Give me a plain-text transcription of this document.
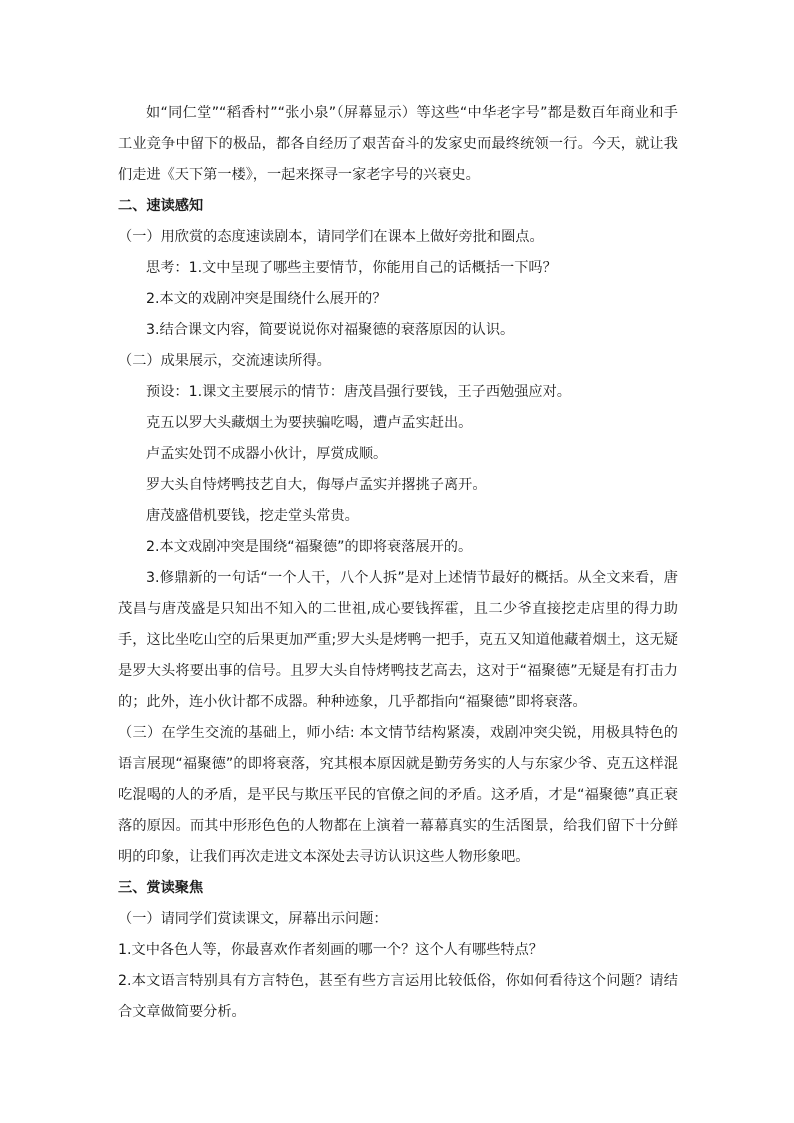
如“同仁堂”“稻香村”“张小泉”（屏幕显示）等这些“中华老字号”都是数百年商业和手工业竞争中留下的极品，都各自经历了艰苦奋斗的发家史而最终统领一行。今天，就让我们走进《天下第一楼》，一起来探寻一家老字号的兴衰史。

二、速读感知

（一）用欣赏的态度速读剧本，请同学们在课本上做好旁批和圈点。

思考：1.文中呈现了哪些主要情节，你能用自己的话概括一下吗？

2.本文的戏剧冲突是围绕什么展开的？

3.结合课文内容，简要说说你对福聚德的衰落原因的认识。

（二）成果展示，交流速读所得。

预设：1.课文主要展示的情节：唐茂昌强行要钱，王子西勉强应对。

克五以罗大头藏烟土为要挟骗吃喝，遭卢孟实赶出。

卢孟实处罚不成器小伙计，厚赏成顺。

罗大头自恃烤鸭技艺自大，侮辱卢孟实并撂挑子离开。

唐茂盛借机要钱，挖走堂头常贵。

2.本文戏剧冲突是围绕“福聚德”的即将衰落展开的。

3.修鼎新的一句话“一个人干，八个人拆”是对上述情节最好的概括。从全文来看，唐茂昌与唐茂盛是只知出不知入的二世祖,成心要钱挥霍，且二少爷直接挖走店里的得力助手，这比坐吃山空的后果更加严重;罗大头是烤鸭一把手，克五又知道他藏着烟土，这无疑是罗大头将要出事的信号。且罗大头自恃烤鸭技艺高去，这对于“福聚德”无疑是有打击力的；此外，连小伙计都不成器。种种迹象，几乎都指向“福聚德”即将衰落。

（三）在学生交流的基础上，师小结: 本文情节结构紧凑，戏剧冲突尖锐，用极具特色的语言展现“福聚德”的即将衰落，究其根本原因就是勤劳务实的人与东家少爷、克五这样混吃混喝的人的矛盾，是平民与欺压平民的官僚之间的矛盾。这矛盾，才是“福聚德”真正衰落的原因。而其中形形色色的人物都在上演着一幕幕真实的生活图景，给我们留下十分鲜明的印象，让我们再次走进文本深处去寻访认识这些人物形象吧。

三、赏读聚焦

（一）请同学们赏读课文，屏幕出示问题：

1.文中各色人等，你最喜欢作者刻画的哪一个？这个人有哪些特点？

2.本文语言特别具有方言特色，甚至有些方言运用比较低俗，你如何看待这个问题？请结合文章做简要分析。
